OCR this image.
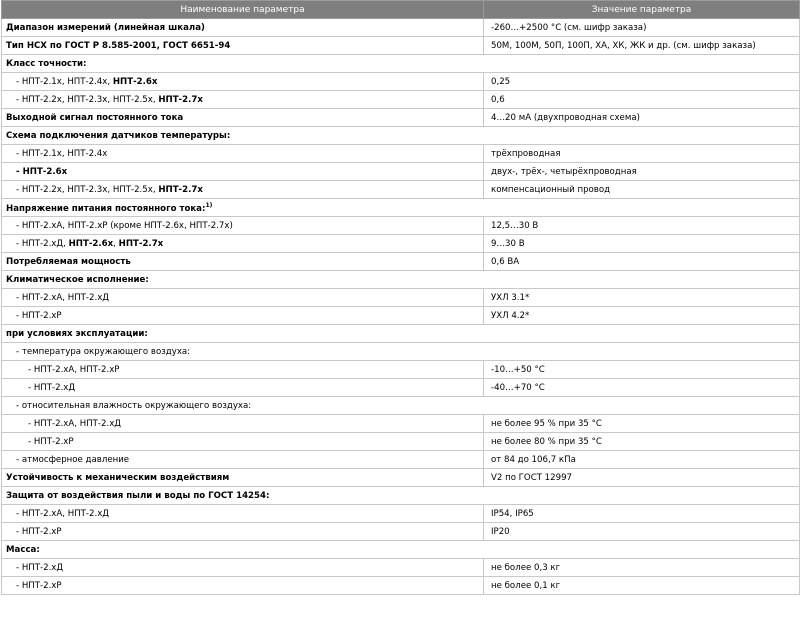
Наименование параметра	Значение параметра
Диапазон измерений (линейная шкала)	-260…+2500 °С (см. шифр заказа)
Тип НСХ по ГОСТ Р 8.585-2001, ГОСТ 6651-94	50М, 100М, 50П, 100П, ХА, ХК, ЖК и др. (см. шифр заказа)
Класс точности:	
- НПТ-2.1х, НПТ-2.4х, НПТ-2.6х	0,25
- НПТ-2.2х, НПТ-2.3х, НПТ-2.5х, НПТ-2.7х	0,6
Выходной сигнал постоянного тока	4…20 мА (двухпроводная схема)
Схема подключения датчиков температуры:	
- НПТ-2.1х, НПТ-2.4х	трёхпроводная
- НПТ-2.6х	двух-, трёх-, четырёхпроводная
- НПТ-2.2х, НПТ-2.3х, НПТ-2.5х, НПТ-2.7х	компенсационный провод
Напряжение питания постоянного тока:$^{1)}$
- НПТ-2.хА, НПТ-2.хР (кроме НПТ-2.6х, НПТ-2.7х)	12,5…30 В
- НПТ-2.хД, НПТ-2.6х, НПТ-2.7х	9…30 В
Потребляемая мощность	0,6 ВА
Климатическое исполнение:	
- НПТ-2.хА, НПТ-2.хД	УХЛ 3.1*
- НПТ-2.хР	УХЛ 4.2*
при условиях эксплуатации:	
- температура окружающего воздуха:	
- НПТ-2.хА, НПТ-2.хР	-10…+50 °С
- НПТ-2.хД	-40…+70 °С
- относительная влажность окружающего воздуха:	
- НПТ-2.хА, НПТ-2.хД	не более 95 % при 35 °С
- НПТ-2.хР	не более 80 % при 35 °С
- атмосферное давление	от 84 до 106,7 кПа
Устойчивость к механическим воздействиям	V2 по ГОСТ 12997
Защита от воздействия пыли и воды по ГОСТ 14254:	
- НПТ-2.хА, НПТ-2.хД	IP54, IP65
- НПТ-2.хР	IP20
Масса:	
- НПТ-2.хД	не более 0,3 кг
- НПТ-2.хР	не более 0,1 кг
